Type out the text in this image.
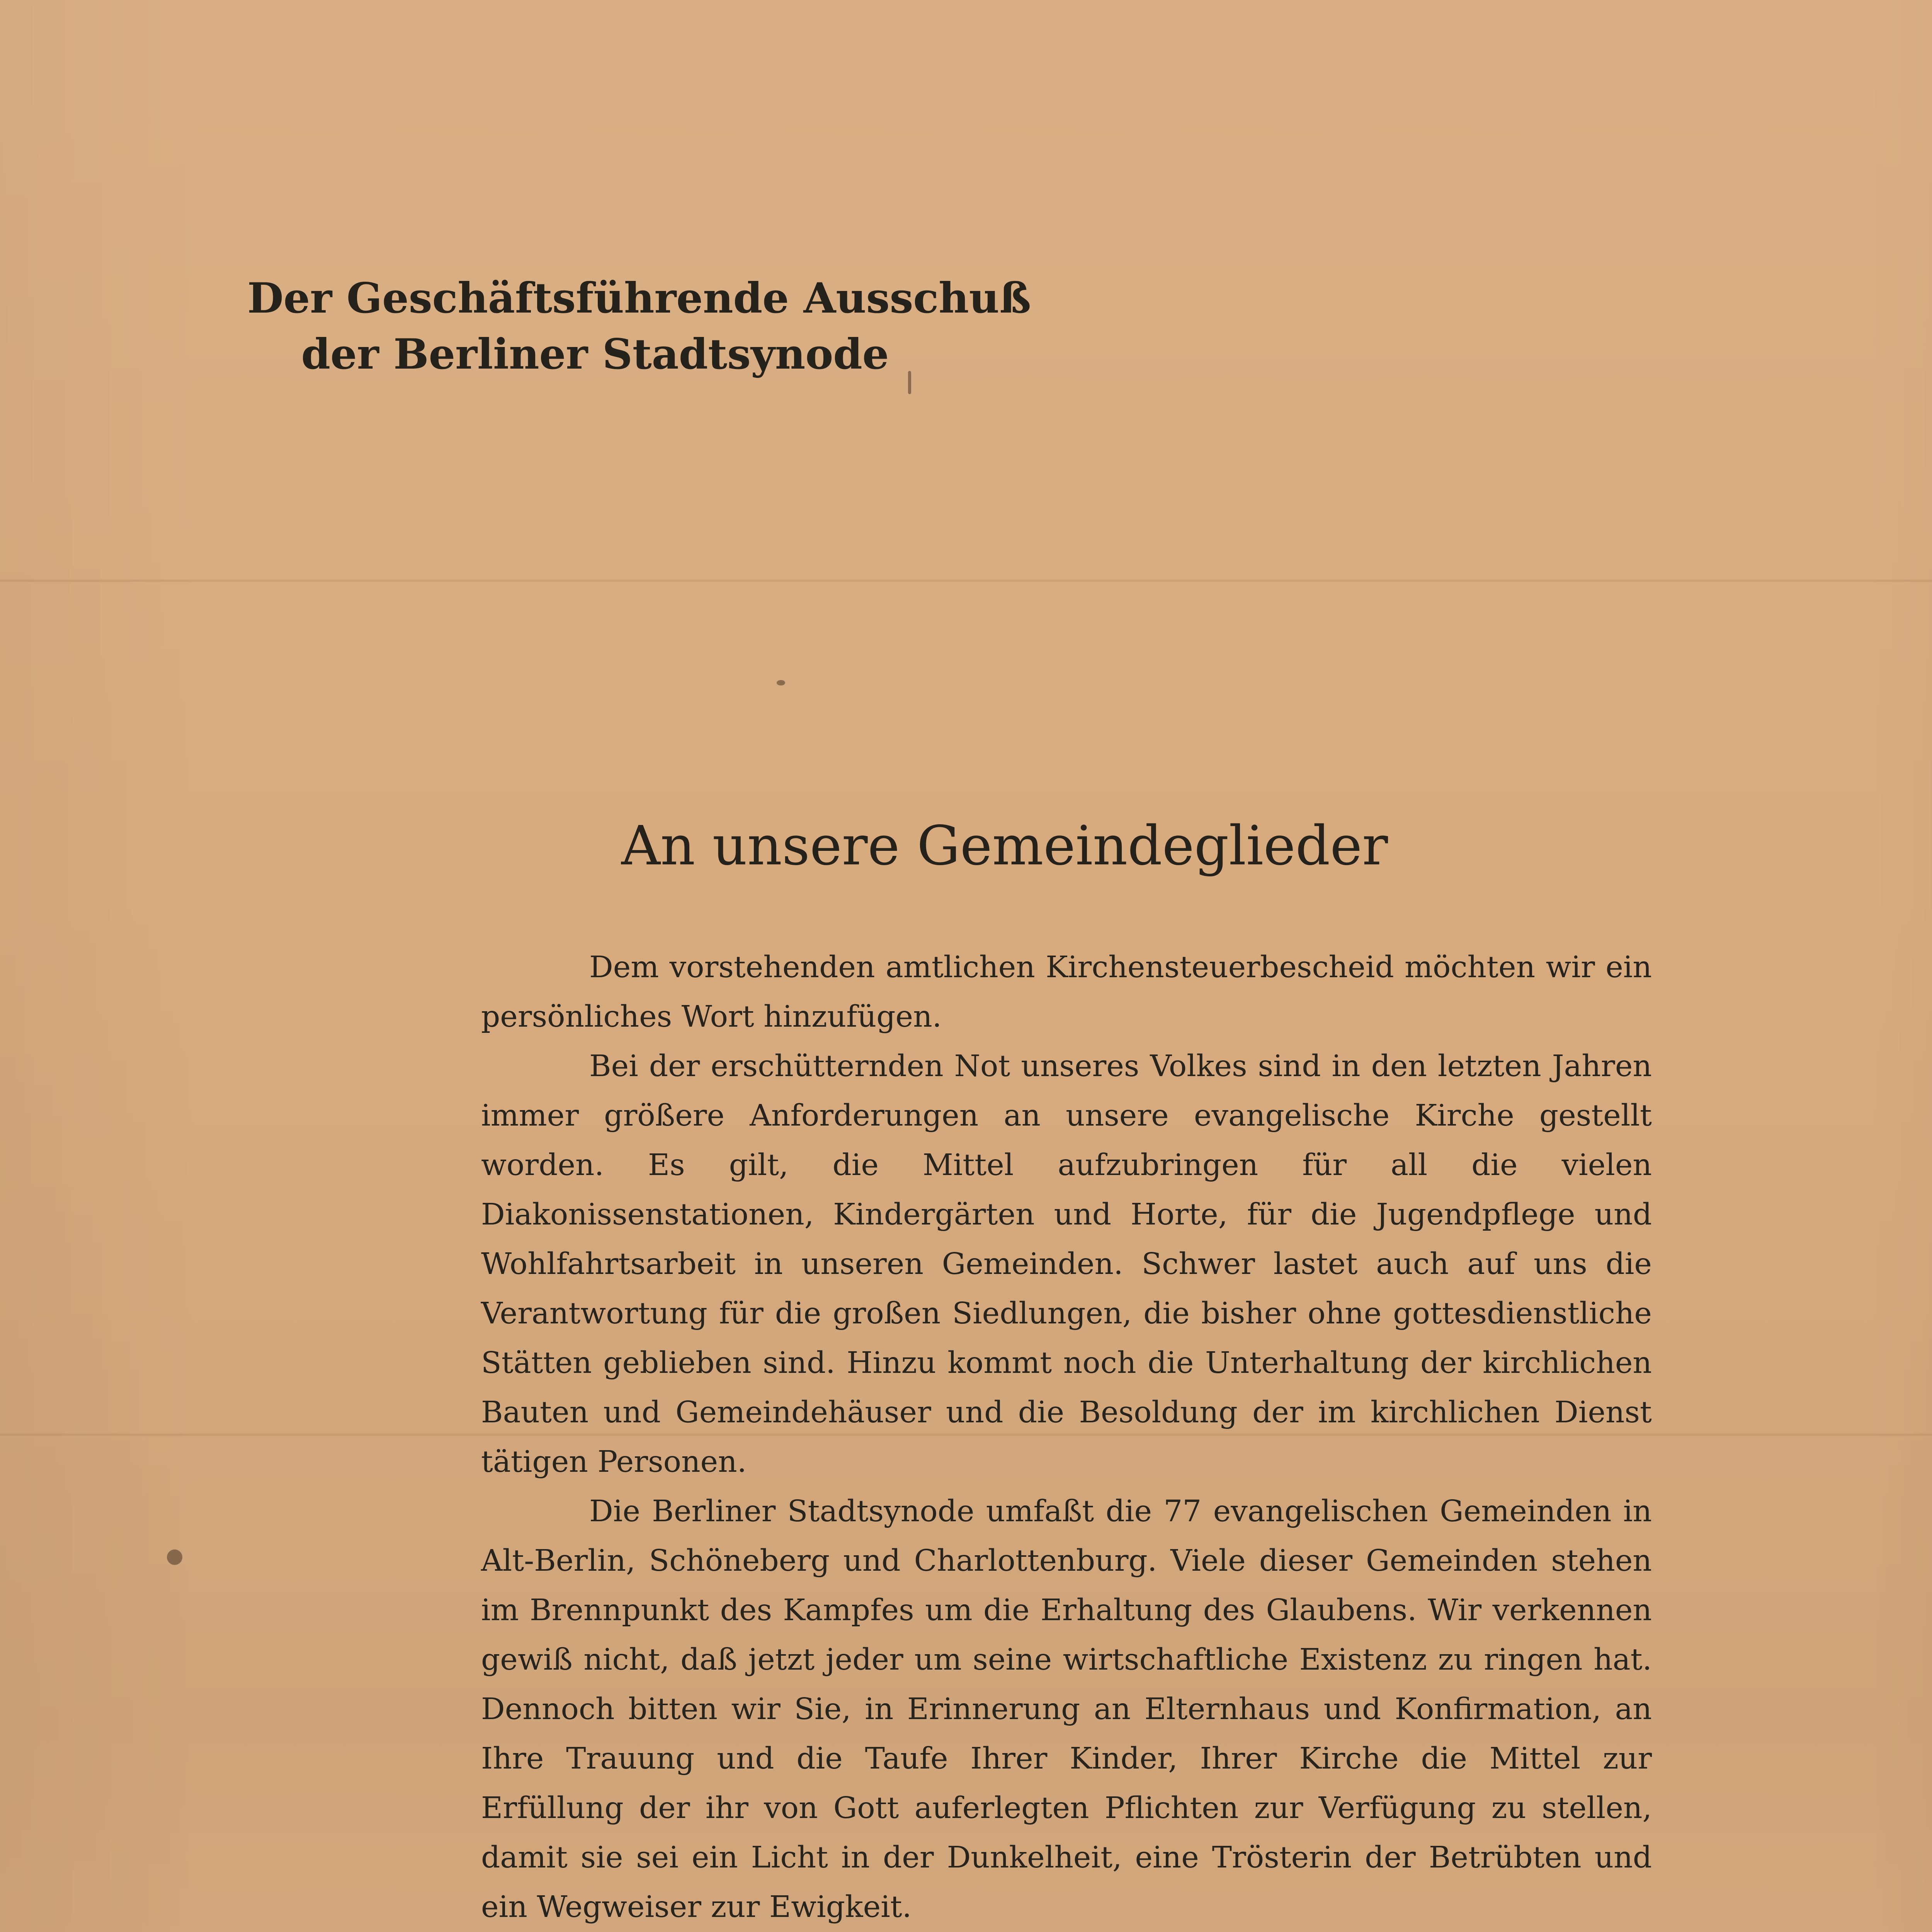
Der Geschäftsführende Ausschuß
der Berliner Stadtsynode
An unsere Gemeindeglieder

Dem vorstehenden amtlichen Kirchensteuerbescheid möchten wir ein persönliches Wort hinzufügen.

Bei der erschütternden Not unseres Volkes sind in den letzten Jahren immer größere Anforderungen an unsere evangelische Kirche gestellt worden. Es gilt, die Mittel aufzubringen für all die vielen Diakonissenstationen, Kindergärten und Horte, für die Jugendpflege und Wohlfahrtsarbeit in unseren Gemeinden. Schwer lastet auch auf uns die Verantwortung für die großen Siedlungen, die bisher ohne gottesdienstliche Stätten geblieben sind. Hinzu kommt noch die Unterhaltung der kirchlichen Bauten und Gemeindehäuser und die Besoldung der im kirchlichen Dienst tätigen Personen.

Die Berliner Stadtsynode umfaßt die 77 evangelischen Gemeinden in Alt-Berlin, Schöneberg und Charlottenburg. Viele dieser Gemeinden stehen im Brennpunkt des Kampfes um die Erhaltung des Glaubens. Wir verkennen gewiß nicht, daß jetzt jeder um seine wirtschaftliche Existenz zu ringen hat. Dennoch bitten wir Sie, in Erinnerung an Elternhaus und Konfirmation, an Ihre Trauung und die Taufe Ihrer Kinder, Ihrer Kirche die Mittel zur Erfüllung der ihr von Gott auferlegten Pflichten zur Verfügung zu stellen, damit sie sei ein Licht in der Dunkelheit, eine Trösterin der Betrübten und ein Wegweiser zur Ewigkeit.
